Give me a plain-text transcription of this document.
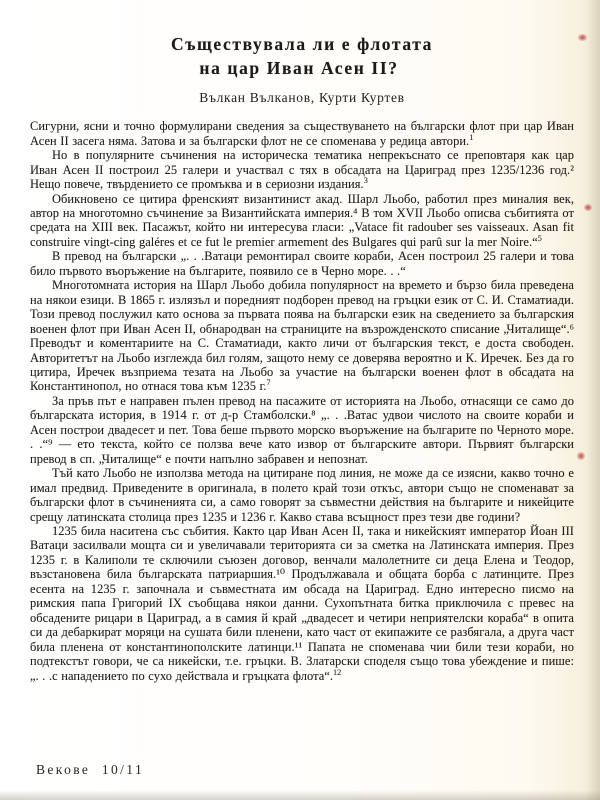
Съществувала ли е флотата
на цар Иван Асен II?
Вълкан Вълканов, Курти Куртев

Сигурни, ясни и точно формулирани сведения за съществуването на български флот при цар Иван Асен II засега няма. Затова и за български флот не се споменава у редица автори.$^1$

Но в популярните съчинения на историческа тематика непрекъснато се преповтаря как цар Иван Асен II построил 25 галери и участвал с тях в обсадата на Цариград през 1235/1236 год.² Нещо повече, твърдението се промъква и в сериозни издания.$^3$

Обикновено се цитира френският византинист акад. Шарл Льобо, работил през миналия век, автор на многотомно съчинение за Византийската империя.⁴ В том XVII Льобо описва събитията от средата на XIII век. Пасажът, който ни интересува гласи: „Vatace fit radouber ses vaisseaux. Asan fit construire vingt-cing galéres et ce fut le premier armement des Bulgares qui parû sur la mer Noire.“$^5$

В превод на български „. . .Ватаци ремонтирал своите кораби, Асен построил 25 галери и това било първото въоръжение на българите, появило се в Черно море. . .“

Многотомната история на Шарл Льобо добила популярност на времето и бързо била преведена на някои езици. В 1865 г. излязъл и поредният подборен превод на гръцки език от С. И. Стаматиади. Този превод послужил като основа за първата поява на български език на сведението за българския военен флот при Иван Асен II, обнародван на страниците на възрожденското списание „Читалище“.⁶ Преводът и коментариите на С. Стаматиади, както личи от българския текст, е доста свободен. Авторитетът на Льобо изглежда бил голям, защото нему се доверява вероятно и К. Иречек. Без да го цитира, Иречек възприема тезата на Льобо за участие на български военен флот в обсадата на Константинопол, но отнася това към 1235 г.$^7$

За пръв път е направен пълен превод на пасажите от историята на Льобо, отнасящи се само до българската история, в 1914 г. от д-р Стамболски.⁸ „. . .Ватас удвои числото на своите кораби и Асен построи двадесет и пет. Това беше първото морско въоръжение на българите по Черното море. . .“⁹ — ето текста, който се ползва вече като извор от българските автори. Първият български превод в сп. „Читалище“ е почти напълно забравен и непознат.

Тъй като Льобо не използва метода на цитиране под линия, не може да се изясни, какво точно е имал предвид. Приведените в оригинала, в полето край този откъс, автори също не споменават за български флот в съчиненията си, а само говорят за съвместни действия на българите и никейците срещу латинската столица през 1235 и 1236 г. Какво става всъщност през тези две години?

1235 била наситена със събития. Както цар Иван Асен II, така и никейският император Йоан III Ватаци засилвали мощта си и увеличавали територията си за сметка на Латинската империя. През 1235 г. в Калиполи те сключили съюзен договор, венчали малолетните си деца Елена и Теодор, възстановена била българската патриаршия.¹⁰ Продължавала и общата борба с латинците. През есента на 1235 г. започнала и съвместната им обсада на Цариград. Едно интересно писмо на римския папа Григорий IX съобщава някои данни. Сухопътната битка приключила с превес на обсадените рицари в Цариград, а в самия й край „двадесет и четири неприятелски кораба“ в опита си да дебаркират моряци на сушата били пленени, като част от екипажите се разбягала, а друга част била пленена от константинополските латинци.¹¹ Папата не споменава чии били тези кораби, но подтекстът говори, че са никейски, т.е. гръцки. В. Златарски споделя също това убеждение и пише: „. . .с нападението по сухо действала и гръцката флота“.$^{12}$

Векове  10/11
